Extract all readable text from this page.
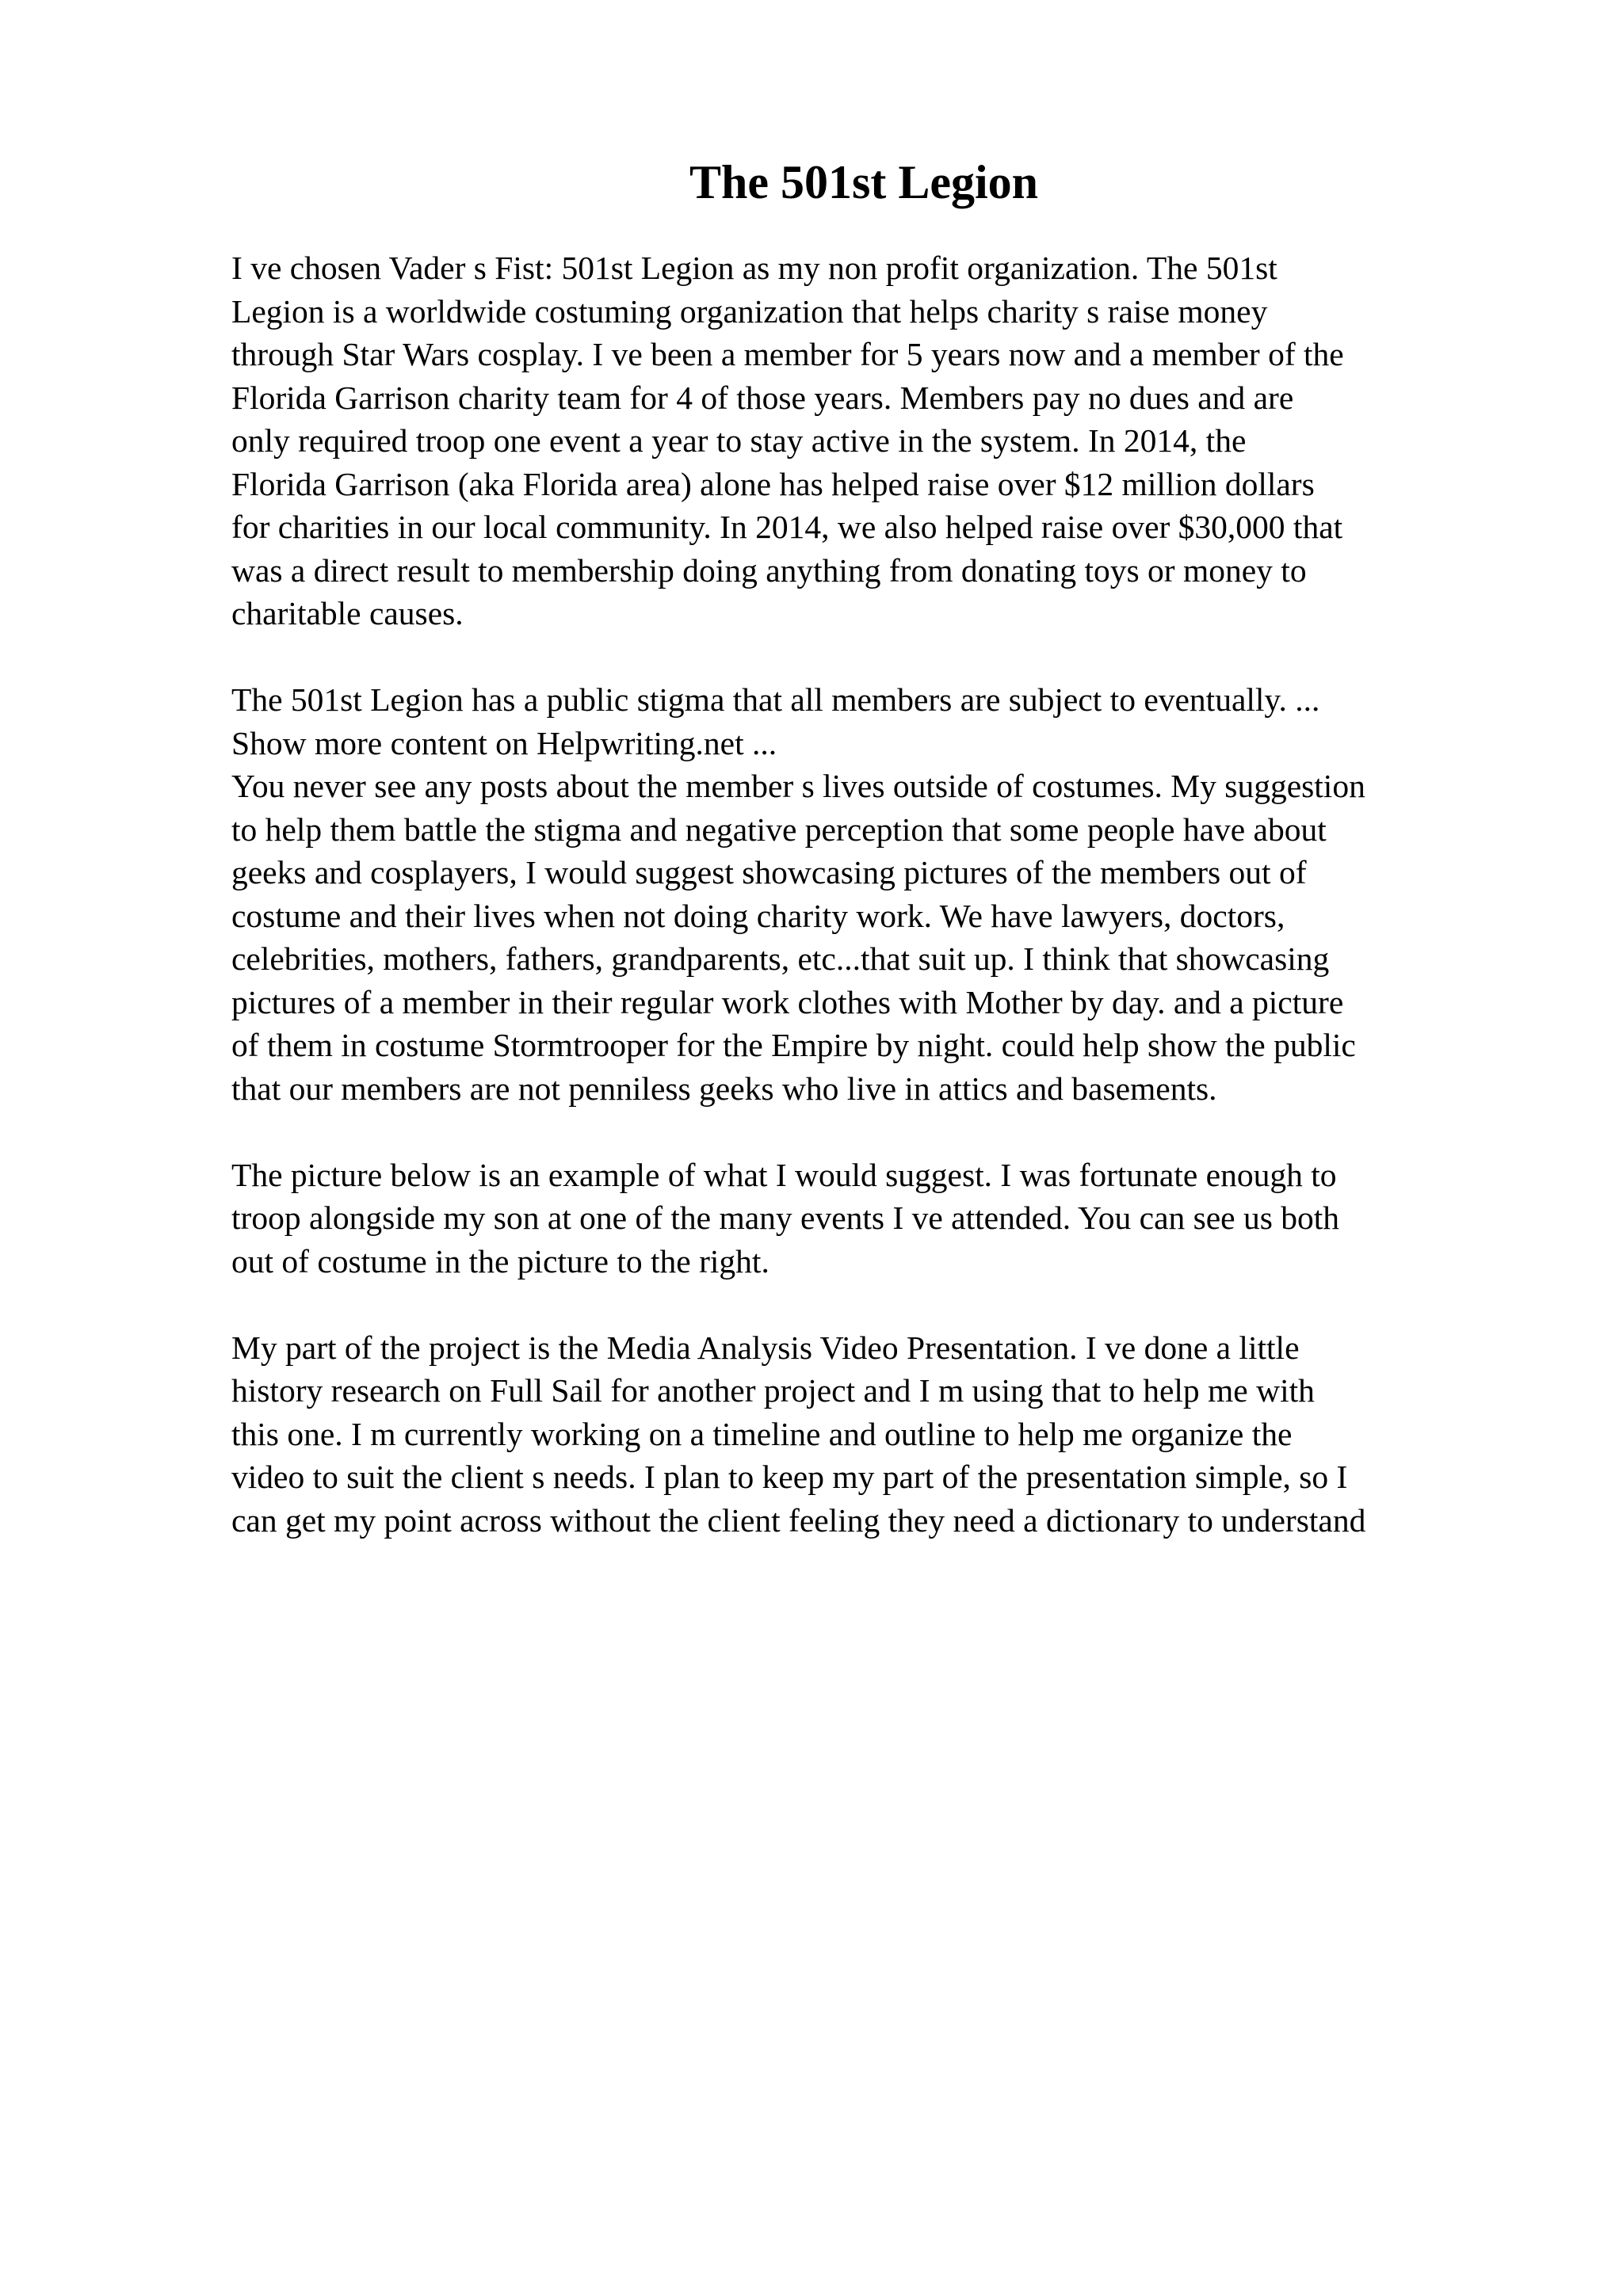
The 501st Legion
I ve chosen Vader s Fist: 501st Legion as my non profit organization. The 501st
Legion is a worldwide costuming organization that helps charity s raise money
through Star Wars cosplay. I ve been a member for 5 years now and a member of the
Florida Garrison charity team for 4 of those years. Members pay no dues and are
only required troop one event a year to stay active in the system. In 2014, the
Florida Garrison (aka Florida area) alone has helped raise over $12 million dollars
for charities in our local community. In 2014, we also helped raise over $30,000 that
was a direct result to membership doing anything from donating toys or money to
charitable causes.
The 501st Legion has a public stigma that all members are subject to eventually. ...
Show more content on Helpwriting.net ...
You never see any posts about the member s lives outside of costumes. My suggestion
to help them battle the stigma and negative perception that some people have about
geeks and cosplayers, I would suggest showcasing pictures of the members out of
costume and their lives when not doing charity work. We have lawyers, doctors,
celebrities, mothers, fathers, grandparents, etc...that suit up. I think that showcasing
pictures of a member in their regular work clothes with Mother by day. and a picture
of them in costume Stormtrooper for the Empire by night. could help show the public
that our members are not penniless geeks who live in attics and basements.
The picture below is an example of what I would suggest. I was fortunate enough to
troop alongside my son at one of the many events I ve attended. You can see us both
out of costume in the picture to the right.
My part of the project is the Media Analysis Video Presentation. I ve done a little
history research on Full Sail for another project and I m using that to help me with
this one. I m currently working on a timeline and outline to help me organize the
video to suit the client s needs. I plan to keep my part of the presentation simple, so I
can get my point across without the client feeling they need a dictionary to understand
